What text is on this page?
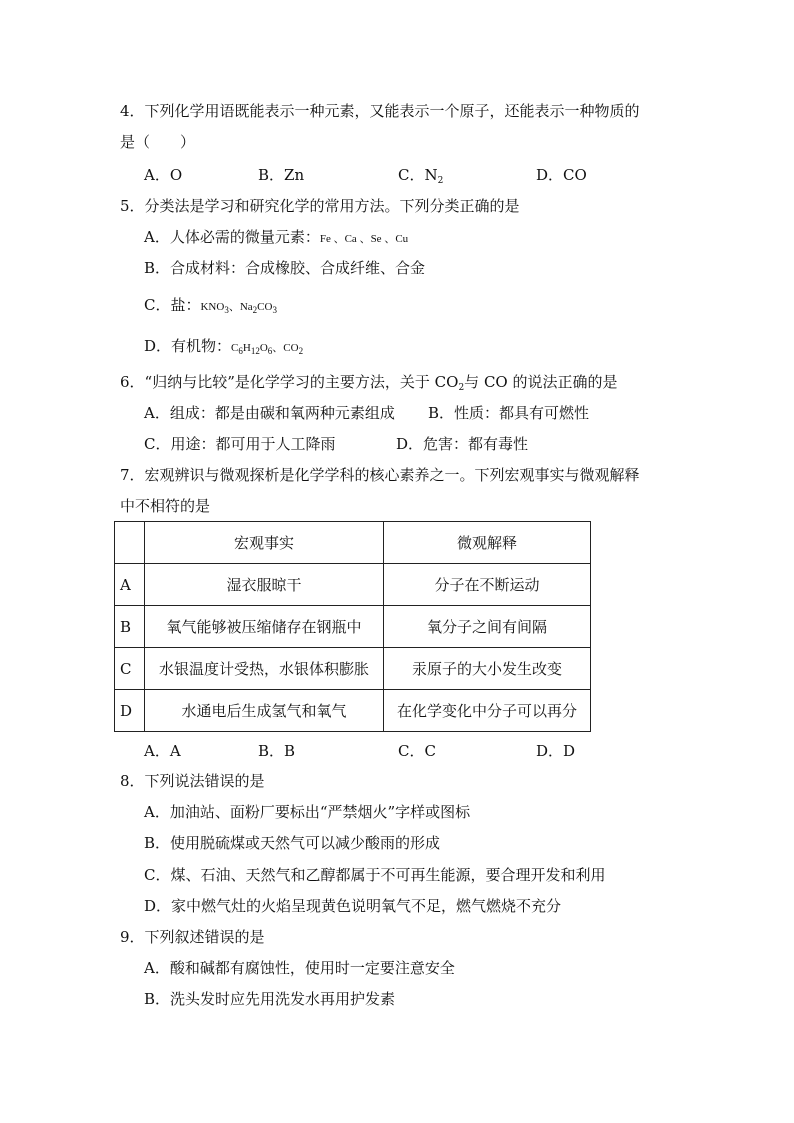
4．下列化学用语既能表示一种元素，又能表示一个原子，还能表示一种物质的
是（　　）
A．O	B．Zn	C．$N_2$	D．CO
5．分类法是学习和研究化学的常用方法。下列分类正确的是
A．人体必需的微量元素：Fe 、Ca 、Se 、Cu
B．合成材料：合成橡胶、合成纤维、合金
C．盐：$KNO_3$、$Na_2CO_3$
D．有机物：$C_6H_{12}O_6$、$CO_2$
6．“归纳与比较”是化学学习的主要方法，关于 $CO_2$与 CO 的说法正确的是
A．组成：都是由碳和氧两种元素组成 B．性质：都具有可燃性
C．用途：都可用于人工降雨	D．危害：都有毒性
7．宏观辨识与微观探析是化学学科的核心素养之一。下列宏观事实与微观解释
中不相符的是
	宏观事实	微观解释
A	湿衣服晾干	分子在不断运动
B	氧气能够被压缩储存在钢瓶中	氧分子之间有间隔
C	水银温度计受热，水银体积膨胀	汞原子的大小发生改变
D	水通电后生成氢气和氧气	在化学变化中分子可以再分
A．A	B．B	C．C	D．D
8．下列说法错误的是
A．加油站、面粉厂要标出“严禁烟火”字样或图标
B．使用脱硫煤或天然气可以减少酸雨的形成
C．煤、石油、天然气和乙醇都属于不可再生能源，要合理开发和利用
D．家中燃气灶的火焰呈现黄色说明氧气不足，燃气燃烧不充分
9．下列叙述错误的是
A．酸和碱都有腐蚀性，使用时一定要注意安全
B．洗头发时应先用洗发水再用护发素
